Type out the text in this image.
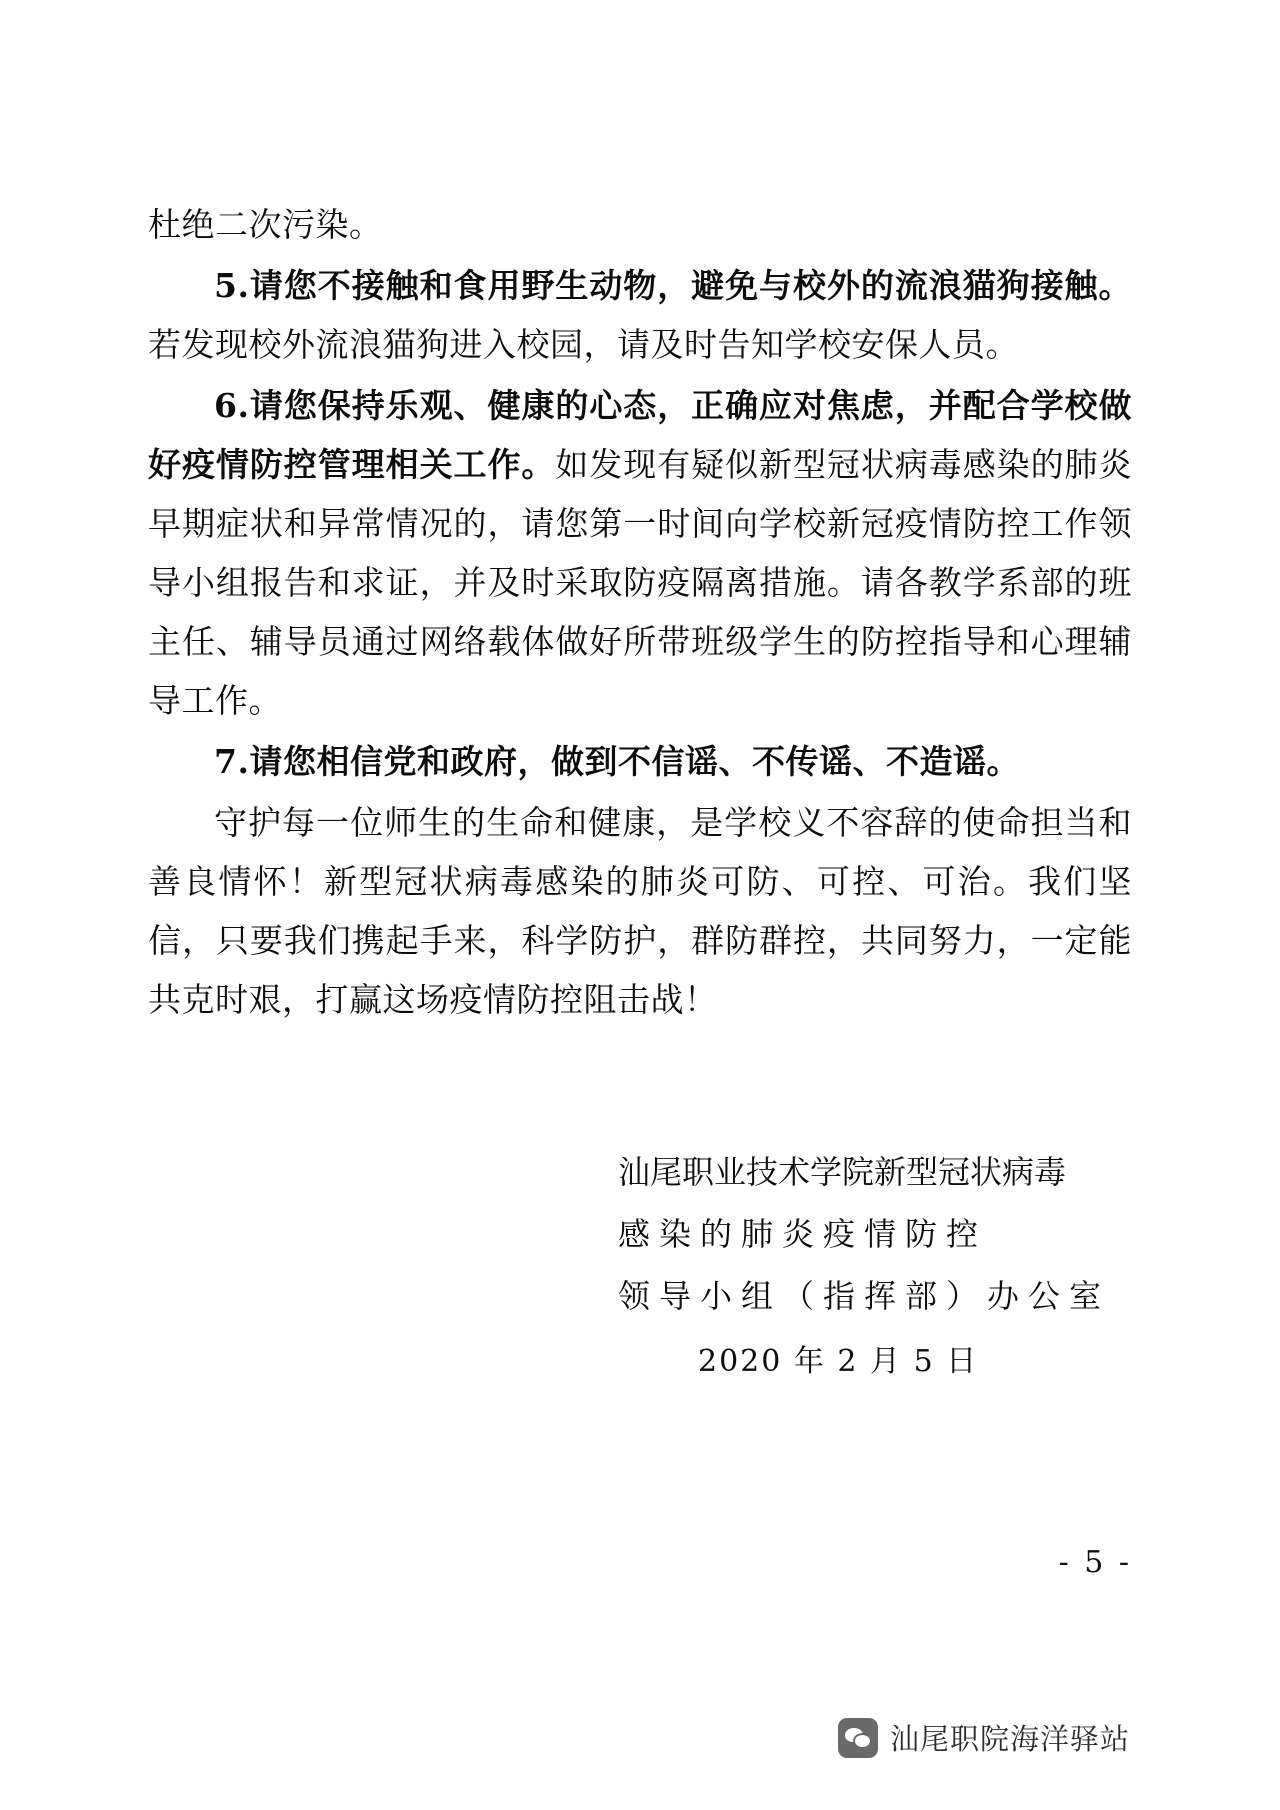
杜绝二次污染。

5.请您不接触和食用野生动物，避免与校外的流浪猫狗接触。若发现校外流浪猫狗进入校园，请及时告知学校安保人员。

6.请您保持乐观、健康的心态，正确应对焦虑，并配合学校做好疫情防控管理相关工作。如发现有疑似新型冠状病毒感染的肺炎早期症状和异常情况的，请您第一时间向学校新冠疫情防控工作领导小组报告和求证，并及时采取防疫隔离措施。请各教学系部的班主任、辅导员通过网络载体做好所带班级学生的防控指导和心理辅导工作。

7.请您相信党和政府，做到不信谣、不传谣、不造谣。

守护每一位师生的生命和健康，是学校义不容辞的使命担当和善良情怀！新型冠状病毒感染的肺炎可防、可控、可治。我们坚信，只要我们携起手来，科学防护，群防群控，共同努力，一定能共克时艰，打赢这场疫情防控阻击战！

汕尾职业技术学院新型冠状病毒
感染的肺炎疫情防控
领导小组（指挥部）办公室
2020 年 2 月 5 日
- 5 -
汕尾职院海洋驿站
